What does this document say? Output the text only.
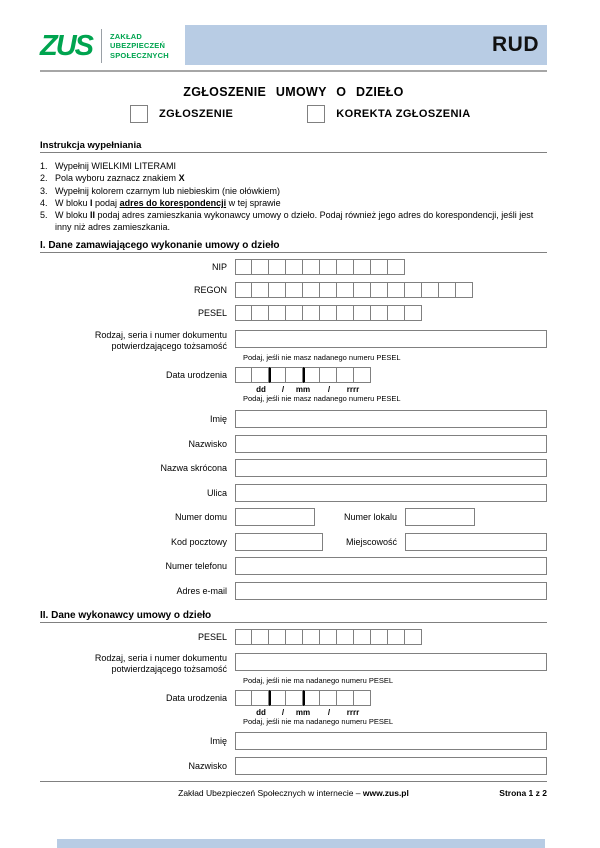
ZUS	ZAKŁAD
UBEZPIECZEŃ
SPOŁECZNYCH	RUD
ZGŁOSZENIE UMOWY O DZIEŁO
ZGŁOSZENIE	KOREKTA ZGŁOSZENIA
Instrukcja wypełniania
1. Wypełnij WIELKIMI LITERAMI
2. Pola wyboru zaznacz znakiem X
3. Wypełnij kolorem czarnym lub niebieskim (nie ołówkiem)
4. W bloku I podaj adres do korespondencji w tej sprawie
5. W bloku II podaj adres zamieszkania wykonawcy umowy o dzieło. Podaj również jego adres do korespondencji, jeśli jest inny niż adres zamieszkania.
I. Dane zamawiającego wykonanie umowy o dzieło
NIP
REGON
PESEL
Rodzaj, seria i numer dokumentu
potwierdzającego tożsamość
Podaj, jeśli nie masz nadanego numeru PESEL
Data urodzenia
dd / mm / rrrr
Podaj, jeśli nie masz nadanego numeru PESEL
Imię
Nazwisko
Nazwa skrócona
Ulica
Numer domu	Numer lokalu
Kod pocztowy	Miejscowość
Numer telefonu
Adres e-mail
II. Dane wykonawcy umowy o dzieło
PESEL
Rodzaj, seria i numer dokumentu
potwierdzającego tożsamość
Podaj, jeśli nie ma nadanego numeru PESEL
Data urodzenia
dd / mm / rrrr
Podaj, jeśli nie ma nadanego numeru PESEL
Imię
Nazwisko
Zakład Ubezpieczeń Społecznych w internecie – www.zus.pl	Strona 1 z 2
